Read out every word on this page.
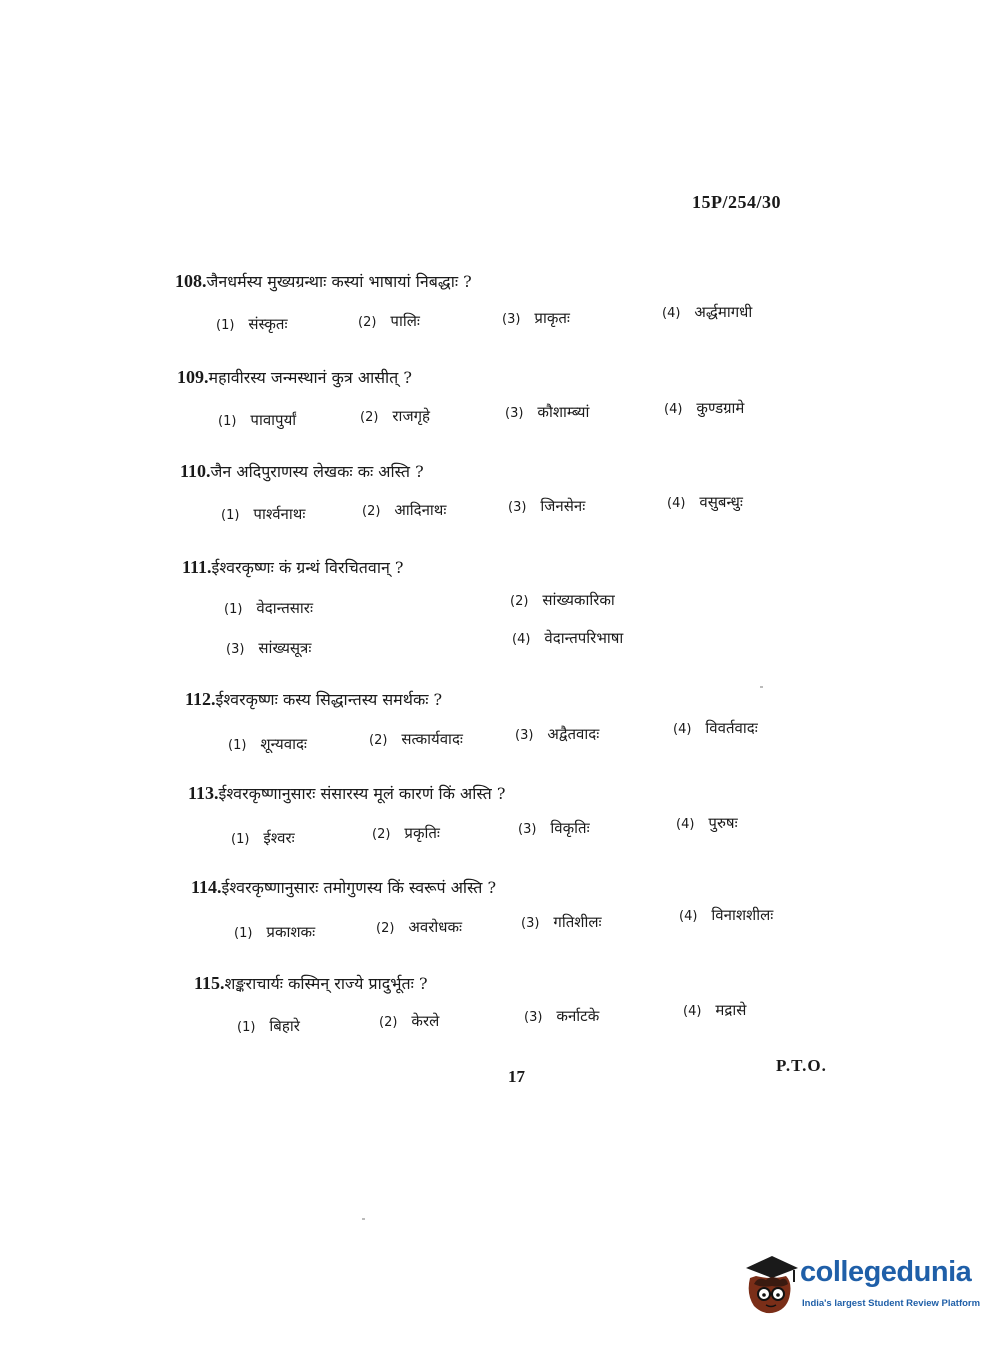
15P/254/30
108.जैनधर्मस्य मुख्यग्रन्थाः कस्यां भाषायां निबद्धाः ?
(1) संस्कृतः	(2) पालिः	(3) प्राकृतः	(4) अर्द्धमागधी
109.महावीरस्य जन्मस्थानं कुत्र आसीत् ?
(1) पावापुर्यां	(2) राजगृहे	(3) कौशाम्ब्यां	(4) कुण्डग्रामे
110.जैन अदिपुराणस्य लेखकः कः अस्ति ?
(1) पार्श्वनाथः	(2) आदिनाथः	(3) जिनसेनः	(4) वसुबन्धुः
111.ईश्वरकृष्णः कं ग्रन्थं विरचितवान् ?
(1) वेदान्तसारः	(2) सांख्यकारिका
(3) सांख्यसूत्रः	(4) वेदान्तपरिभाषा
112.ईश्वरकृष्णः कस्य सिद्धान्तस्य समर्थकः ?
(1) शून्यवादः	(2) सत्कार्यवादः	(3) अद्वैतवादः	(4) विवर्तवादः
113.ईश्वरकृष्णानुसारः संसारस्य मूलं कारणं किं अस्ति ?
(1) ईश्वरः	(2) प्रकृतिः	(3) विकृतिः	(4) पुरुषः
114.ईश्वरकृष्णानुसारः तमोगुणस्य किं स्वरूपं अस्ति ?
(1) प्रकाशकः	(2) अवरोधकः	(3) गतिशीलः	(4) विनाशशीलः
115.शङ्कराचार्यः कस्मिन् राज्ये प्रादुर्भूतः ?
(1) बिहारे	(2) केरले	(3) कर्नाटके	(4) मद्रासे
17
P.T.O.
collegedunia
India's largest Student Review Platform
